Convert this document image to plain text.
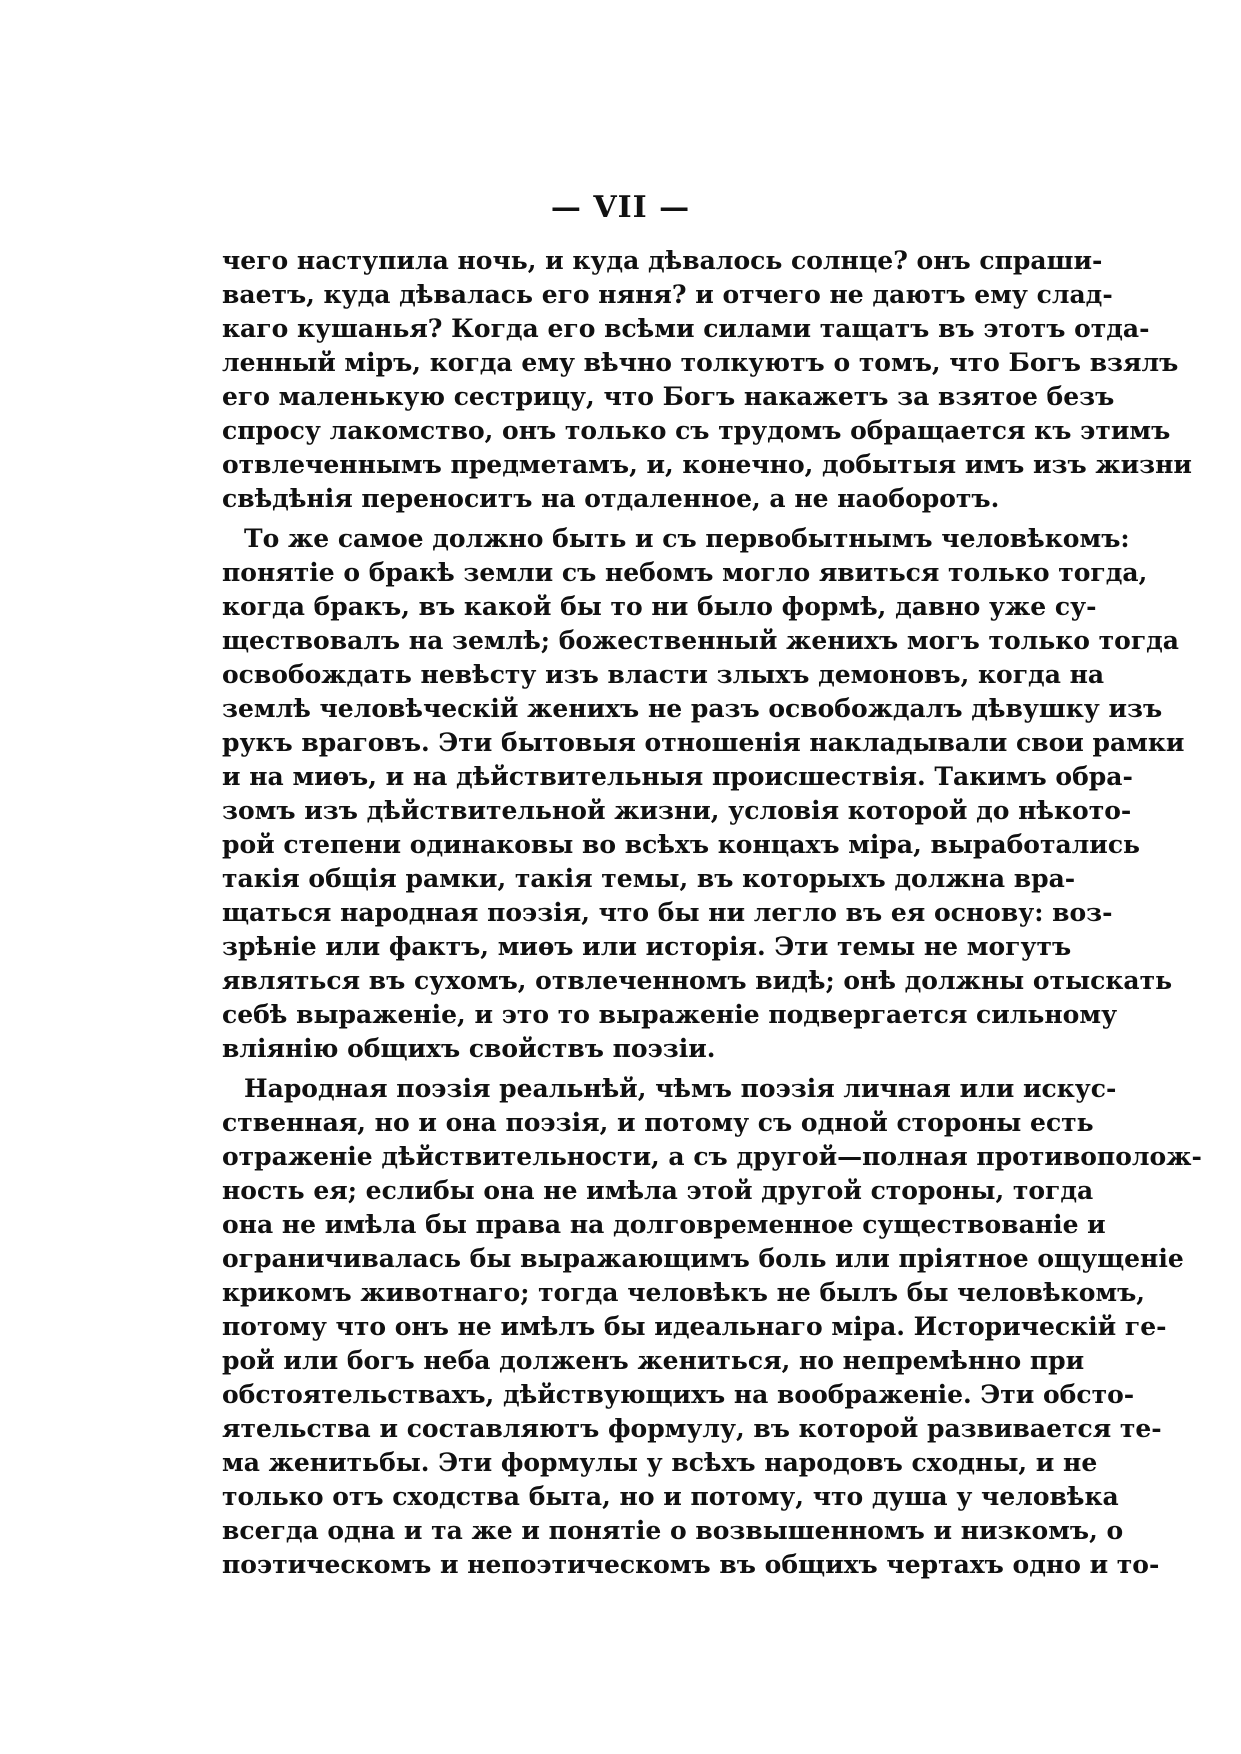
— VII —
чего наступила ночь, и куда дѣвалось солнце? онъ спраши-
ваетъ, куда дѣвалась его няня? и отчего не даютъ ему слад-
каго кушанья? Когда его всѣми силами тащатъ въ этотъ отда-
ленный міръ, когда ему вѣчно толкуютъ о томъ, что Богъ взялъ
его маленькую сестрицу, что Богъ накажетъ за взятое безъ
спросу лакомство, онъ только съ трудомъ обращается къ этимъ
отвлеченнымъ предметамъ, и, конечно, добытыя имъ изъ жизни
свѣдѣнія переноситъ на отдаленное, а не наоборотъ.
То же самое должно быть и съ первобытнымъ человѣкомъ:
понятіе о бракѣ земли съ небомъ могло явиться только тогда,
когда бракъ, въ какой бы то ни было формѣ, давно уже су-
ществовалъ на землѣ; божественный женихъ могъ только тогда
освобождать невѣсту изъ власти злыхъ демоновъ, когда на
землѣ человѣческій женихъ не разъ освобождалъ дѣвушку изъ
рукъ враговъ. Эти бытовыя отношенія накладывали свои рамки
и на миѳъ, и на дѣйствительныя происшествія. Такимъ обра-
зомъ изъ дѣйствительной жизни, условія которой до нѣкото-
рой степени одинаковы во всѣхъ концахъ міра, выработались
такія общія рамки, такія темы, въ которыхъ должна вра-
щаться народная поэзія, что бы ни легло въ ея основу: воз-
зрѣніе или фактъ, миѳъ или исторія. Эти темы не могутъ
являться въ сухомъ, отвлеченномъ видѣ; онѣ должны отыскать
себѣ выраженіе, и это то выраженіе подвергается сильному
вліянію общихъ свойствъ поэзіи.
Народная поэзія реальнѣй, чѣмъ поэзія личная или искус-
ственная, но и она поэзія, и потому съ одной стороны есть
отраженіе дѣйствительности, а съ другой—полная противополож-
ность ея; еслибы она не имѣла этой другой стороны, тогда
она не имѣла бы права на долговременное существованіе и
ограничивалась бы выражающимъ боль или пріятное ощущеніе
крикомъ животнаго; тогда человѣкъ не былъ бы человѣкомъ,
потому что онъ не имѣлъ бы идеальнаго міра. Историческій ге-
рой или богъ неба долженъ жениться, но непремѣнно при
обстоятельствахъ, дѣйствующихъ на воображеніе. Эти обсто-
ятельства и составляютъ формулу, въ которой развивается те-
ма женитьбы. Эти формулы у всѣхъ народовъ сходны, и не
только отъ сходства быта, но и потому, что душа у человѣка
всегда одна и та же и понятіе о возвышенномъ и низкомъ, о
поэтическомъ и непоэтическомъ въ общихъ чертахъ одно и то-
